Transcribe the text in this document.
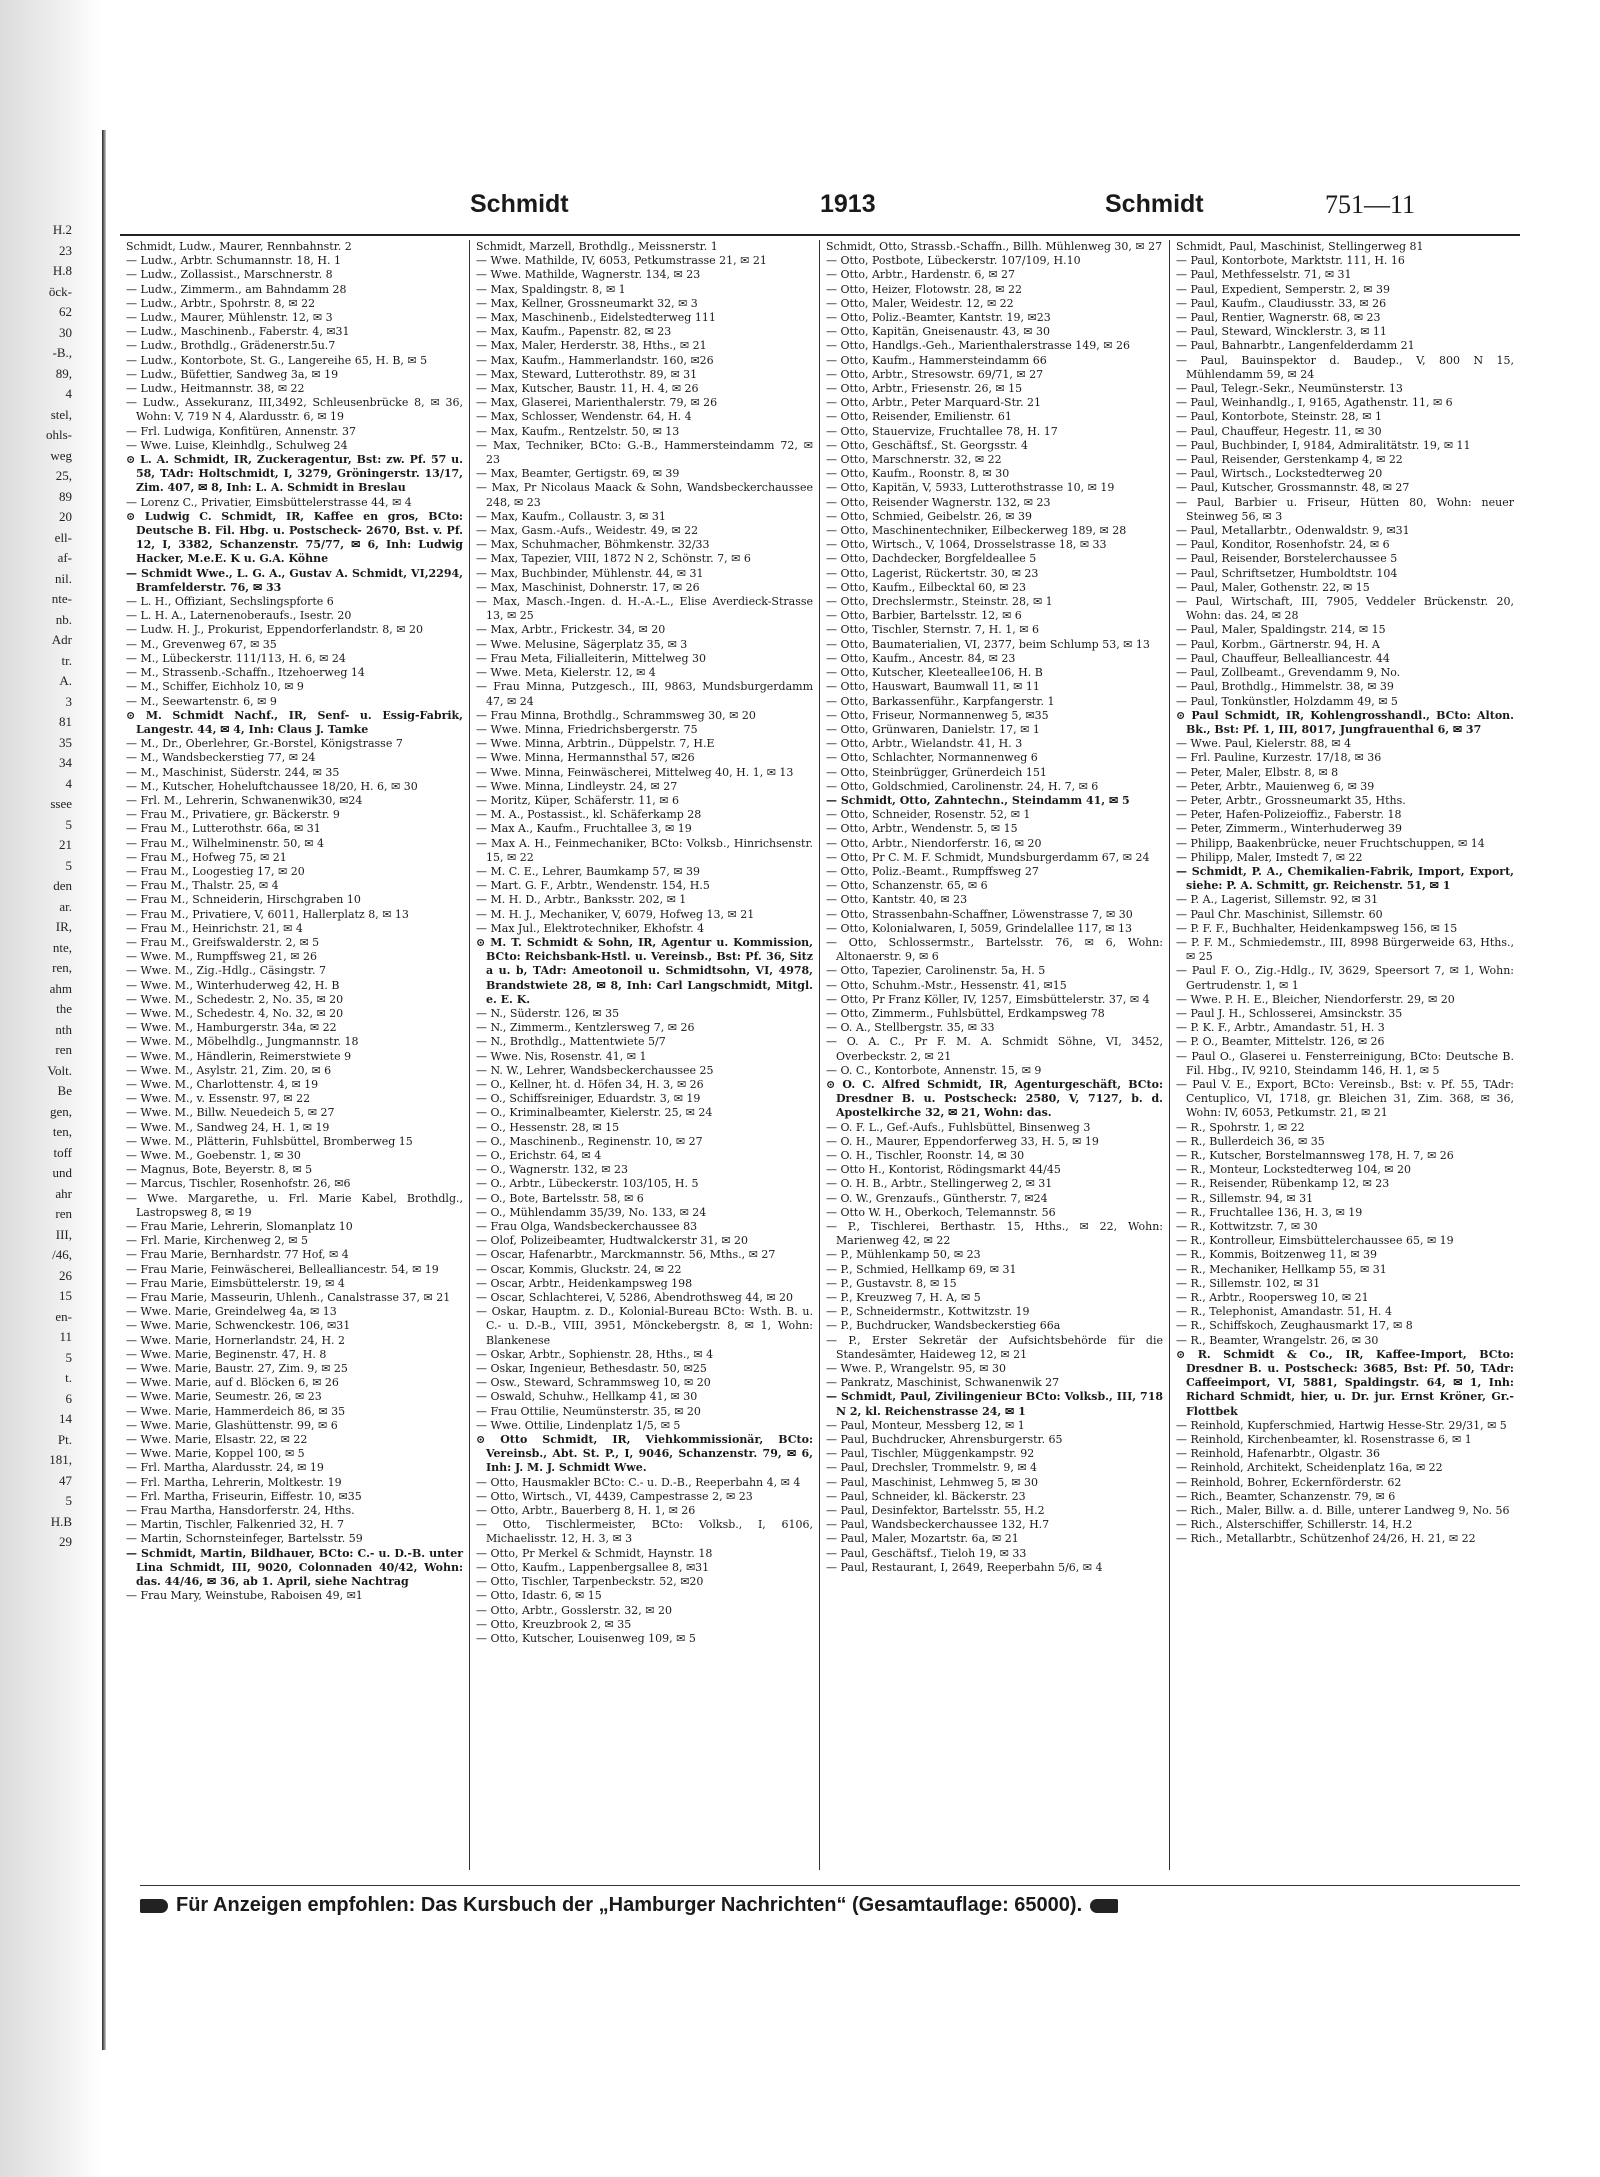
H.2
23
H.8
öck-
62
30
-B.,
89,
4
stel,
ohls-
weg
25,
89
20
ell-
af-
nil.
nte-
nb.
Adr
tr.
A.
3
81
35
34
4
ssee
5
21
5
den
ar.
IR,
nte,
ren,
ahm
the
nth
ren
Volt.
Be
gen,
ten,
toff
und
ahr
ren
III,
/46,
26
15
en-
11
5
t.
6
14
Pt.
181,
47
5
H.B
29
Schmidt	1913	Schmidt	751—11

Schmidt, Ludw., Maurer, Rennbahnstr. 2

— Ludw., Arbtr. Schumannstr. 18, H. 1

— Ludw., Zollassist., Marschnerstr. 8

— Ludw., Zimmerm., am Bahndamm 28

— Ludw., Arbtr., Spohrstr. 8, ✉ 22

— Ludw., Maurer, Mühlenstr. 12, ✉ 3

— Ludw., Maschinenb., Faberstr. 4, ✉31

— Ludw., Brothdlg., Grädenerstr.5u.7

— Ludw., Kontorbote, St. G., Langereihe 65, H. B, ✉ 5

— Ludw., Büfettier, Sandweg 3a, ✉ 19

— Ludw., Heitmannstr. 38, ✉ 22

— Ludw., Assekuranz, III,3492, Schleusenbrücke 8, ✉ 36, Wohn: V, 719 N 4, Alardusstr. 6, ✉ 19

— Frl. Ludwiga, Konfitüren, Annenstr. 37

— Wwe. Luise, Kleinhdlg., Schulweg 24

⊙ L. A. Schmidt, IR, Zuckeragentur, Bst: zw. Pf. 57 u. 58, TAdr: Holtschmidt, I, 3279, Gröningerstr. 13/17, Zim. 407, ✉ 8, Inh: L. A. Schmidt in Breslau

— Lorenz C., Privatier, Eimsbüttelerstrasse 44, ✉ 4

⊙ Ludwig C. Schmidt, IR, Kaffee en gros, BCto: Deutsche B. Fil. Hbg. u. Postscheck- 2670, Bst. v. Pf. 12, I, 3382, Schanzenstr. 75/77, ✉ 6, Inh: Ludwig Hacker, M.e.E. K u. G.A. Köhne

— Schmidt Wwe., L. G. A., Gustav A. Schmidt, VI,2294, Bramfelderstr. 76, ✉ 33

— L. H., Offiziant, Sechslingspforte 6

— L. H. A., Laternenoberaufs., Isestr. 20

— Ludw. H. J., Prokurist, Eppendorferlandstr. 8, ✉ 20

— M., Grevenweg 67, ✉ 35

— M., Lübeckerstr. 111/113, H. 6, ✉ 24

— M., Strassenb.-Schaffn., Itzehoerweg 14

— M., Schiffer, Eichholz 10, ✉ 9

— M., Seewartenstr. 6, ✉ 9

⊙ M. Schmidt Nachf., IR, Senf- u. Essig-Fabrik, Langestr. 44, ✉ 4, Inh: Claus J. Tamke

— M., Dr., Oberlehrer, Gr.-Borstel, Königstrasse 7

— M., Wandsbeckerstieg 77, ✉ 24

— M., Maschinist, Süderstr. 244, ✉ 35

— M., Kutscher, Hoheluftchaussee 18/20, H. 6, ✉ 30

— Frl. M., Lehrerin, Schwanenwik30, ✉24

— Frau M., Privatiere, gr. Bäckerstr. 9

— Frau M., Lutterothstr. 66a, ✉ 31

— Frau M., Wilhelminenstr. 50, ✉ 4

— Frau M., Hofweg 75, ✉ 21

— Frau M., Loogestieg 17, ✉ 20

— Frau M., Thalstr. 25, ✉ 4

— Frau M., Schneiderin, Hirschgraben 10

— Frau M., Privatiere, V, 6011, Hallerplatz 8, ✉ 13

— Frau M., Heinrichstr. 21, ✉ 4

— Frau M., Greifswalderstr. 2, ✉ 5

— Wwe. M., Rumpffsweg 21, ✉ 26

— Wwe. M., Zig.-Hdlg., Cäsingstr. 7

— Wwe. M., Winterhuderweg 42, H. B

— Wwe. M., Schedestr. 2, No. 35, ✉ 20

— Wwe. M., Schedestr. 4, No. 32, ✉ 20

— Wwe. M., Hamburgerstr. 34a, ✉ 22

— Wwe. M., Möbelhdlg., Jungmannstr. 18

— Wwe. M., Händlerin, Reimerstwiete 9

— Wwe. M., Asylstr. 21, Zim. 20, ✉ 6

— Wwe. M., Charlottenstr. 4, ✉ 19

— Wwe. M., v. Essenstr. 97, ✉ 22

— Wwe. M., Billw. Neuedeich 5, ✉ 27

— Wwe. M., Sandweg 24, H. 1, ✉ 19

— Wwe. M., Plätterin, Fuhlsbüttel, Bromberweg 15

— Wwe. M., Goebenstr. 1, ✉ 30

— Magnus, Bote, Beyerstr. 8, ✉ 5

— Marcus, Tischler, Rosenhofstr. 26, ✉6

— Wwe. Margarethe, u. Frl. Marie Kabel, Brothdlg., Lastropsweg 8, ✉ 19

— Frau Marie, Lehrerin, Slomanplatz 10

— Frl. Marie, Kirchenweg 2, ✉ 5

— Frau Marie, Bernhardstr. 77 Hof, ✉ 4

— Frau Marie, Feinwäscherei, Bellealliancestr. 54, ✉ 19

— Frau Marie, Eimsbüttelerstr. 19, ✉ 4

— Frau Marie, Masseurin, Uhlenh., Canalstrasse 37, ✉ 21

— Wwe. Marie, Greindelweg 4a, ✉ 13

— Wwe. Marie, Schwenckestr. 106, ✉31

— Wwe. Marie, Hornerlandstr. 24, H. 2

— Wwe. Marie, Beginenstr. 47, H. 8

— Wwe. Marie, Baustr. 27, Zim. 9, ✉ 25

— Wwe. Marie, auf d. Blöcken 6, ✉ 26

— Wwe. Marie, Seumestr. 26, ✉ 23

— Wwe. Marie, Hammerdeich 86, ✉ 35

— Wwe. Marie, Glashüttenstr. 99, ✉ 6

— Wwe. Marie, Elsastr. 22, ✉ 22

— Wwe. Marie, Koppel 100, ✉ 5

— Frl. Martha, Alardusstr. 24, ✉ 19

— Frl. Martha, Lehrerin, Moltkestr. 19

— Frl. Martha, Friseurin, Eiffestr. 10, ✉35

— Frau Martha, Hansdorferstr. 24, Hths.

— Martin, Tischler, Falkenried 32, H. 7

— Martin, Schornsteinfeger, Bartelsstr. 59

— Schmidt, Martin, Bildhauer, BCto: C.- u. D.-B. unter Lina Schmidt, III, 9020, Colonnaden 40/42, Wohn: das. 44/46, ✉ 36, ab 1. April, siehe Nachtrag

— Frau Mary, Weinstube, Raboisen 49, ✉1

Schmidt, Marzell, Brothdlg., Meissnerstr. 1

— Wwe. Mathilde, IV, 6053, Petkumstrasse 21, ✉ 21

— Wwe. Mathilde, Wagnerstr. 134, ✉ 23

— Max, Spaldingstr. 8, ✉ 1

— Max, Kellner, Grossneumarkt 32, ✉ 3

— Max, Maschinenb., Eidelstedterweg 111

— Max, Kaufm., Papenstr. 82, ✉ 23

— Max, Maler, Herderstr. 38, Hths., ✉ 21

— Max, Kaufm., Hammerlandstr. 160, ✉26

— Max, Steward, Lutterothstr. 89, ✉ 31

— Max, Kutscher, Baustr. 11, H. 4, ✉ 26

— Max, Glaserei, Marienthalerstr. 79, ✉ 26

— Max, Schlosser, Wendenstr. 64, H. 4

— Max, Kaufm., Rentzelstr. 50, ✉ 13

— Max, Techniker, BCto: G.-B., Hammersteindamm 72, ✉ 23

— Max, Beamter, Gertigstr. 69, ✉ 39

— Max, Pr Nicolaus Maack & Sohn, Wandsbeckerchaussee 248, ✉ 23

— Max, Kaufm., Collaustr. 3, ✉ 31

— Max, Gasm.-Aufs., Weidestr. 49, ✉ 22

— Max, Schuhmacher, Böhmkenstr. 32/33

— Max, Tapezier, VIII, 1872 N 2, Schönstr. 7, ✉ 6

— Max, Buchbinder, Mühlenstr. 44, ✉ 31

— Max, Maschinist, Dohnerstr. 17, ✉ 26

— Max, Masch.-Ingen. d. H.-A.-L., Elise Averdieck-Strasse 13, ✉ 25

— Max, Arbtr., Frickestr. 34, ✉ 20

— Wwe. Melusine, Sägerplatz 35, ✉ 3

— Frau Meta, Filialleiterin, Mittelweg 30

— Wwe. Meta, Kielerstr. 12, ✉ 4

— Frau Minna, Putzgesch., III, 9863, Mundsburgerdamm 47, ✉ 24

— Frau Minna, Brothdlg., Schrammsweg 30, ✉ 20

— Wwe. Minna, Friedrichsbergerstr. 75

— Wwe. Minna, Arbtrin., Düppelstr. 7, H.E

— Wwe. Minna, Hermannsthal 57, ✉26

— Wwe. Minna, Feinwäscherei, Mittelweg 40, H. 1, ✉ 13

— Wwe. Minna, Lindleystr. 24, ✉ 27

— Moritz, Küper, Schäferstr. 11, ✉ 6

— M. A., Postassist., kl. Schäferkamp 28

— Max A., Kaufm., Fruchtallee 3, ✉ 19

— Max A. H., Feinmechaniker, BCto: Volksb., Hinrichsenstr. 15, ✉ 22

— M. C. E., Lehrer, Baumkamp 57, ✉ 39

— Mart. G. F., Arbtr., Wendenstr. 154, H.5

— M. H. D., Arbtr., Banksstr. 202, ✉ 1

— M. H. J., Mechaniker, V, 6079, Hofweg 13, ✉ 21

— Max Jul., Elektrotechniker, Ekhofstr. 4

⊙ M. T. Schmidt & Sohn, IR, Agentur u. Kommission, BCto: Reichsbank-Hstl. u. Vereinsb., Bst: Pf. 36, Sitz a u. b, TAdr: Ameotonoil u. Schmidtsohn, VI, 4978, Brandstwiete 28, ✉ 8, Inh: Carl Langschmidt, Mitgl. e. E. K.

— N., Süderstr. 126, ✉ 35

— N., Zimmerm., Kentzlersweg 7, ✉ 26

— N., Brothdlg., Mattentwiete 5/7

— Wwe. Nis, Rosenstr. 41, ✉ 1

— N. W., Lehrer, Wandsbeckerchaussee 25

— O., Kellner, ht. d. Höfen 34, H. 3, ✉ 26

— O., Schiffsreiniger, Eduardstr. 3, ✉ 19

— O., Kriminalbeamter, Kielerstr. 25, ✉ 24

— O., Hessenstr. 28, ✉ 15

— O., Maschinenb., Reginenstr. 10, ✉ 27

— O., Erichstr. 64, ✉ 4

— O., Wagnerstr. 132, ✉ 23

— O., Arbtr., Lübeckerstr. 103/105, H. 5

— O., Bote, Bartelsstr. 58, ✉ 6

— O., Mühlendamm 35/39, No. 133, ✉ 24

— Frau Olga, Wandsbeckerchaussee 83

— Olof, Polizeibeamter, Hudtwalckerstr 31, ✉ 20

— Oscar, Hafenarbtr., Marckmannstr. 56, Mths., ✉ 27

— Oscar, Kommis, Gluckstr. 24, ✉ 22

— Oscar, Arbtr., Heidenkampsweg 198

— Oscar, Schlachterei, V, 5286, Abendrothsweg 44, ✉ 20

— Oskar, Hauptm. z. D., Kolonial-Bureau BCto: Wsth. B. u. C.- u. D.-B., VIII, 3951, Mönckebergstr. 8, ✉ 1, Wohn: Blankenese

— Oskar, Arbtr., Sophienstr. 28, Hths., ✉ 4

— Oskar, Ingenieur, Bethesdastr. 50, ✉25

— Osw., Steward, Schrammsweg 10, ✉ 20

— Oswald, Schuhw., Hellkamp 41, ✉ 30

— Frau Ottilie, Neumünsterstr. 35, ✉ 20

— Wwe. Ottilie, Lindenplatz 1/5, ✉ 5

⊙ Otto Schmidt, IR, Viehkommissionär, BCto: Vereinsb., Abt. St. P., I, 9046, Schanzenstr. 79, ✉ 6, Inh: J. M. J. Schmidt Wwe.

— Otto, Hausmakler BCto: C.- u. D.-B., Reeperbahn 4, ✉ 4

— Otto, Wirtsch., VI, 4439, Campestrasse 2, ✉ 23

— Otto, Arbtr., Bauerberg 8, H. 1, ✉ 26

— Otto, Tischlermeister, BCto: Volksb., I, 6106, Michaelisstr. 12, H. 3, ✉ 3

— Otto, Pr Merkel & Schmidt, Haynstr. 18

— Otto, Kaufm., Lappenbergsallee 8, ✉31

— Otto, Tischler, Tarpenbeckstr. 52, ✉20

— Otto, Idastr. 6, ✉ 15

— Otto, Arbtr., Gosslerstr. 32, ✉ 20

— Otto, Kreuzbrook 2, ✉ 35

— Otto, Kutscher, Louisenweg 109, ✉ 5

Schmidt, Otto, Strassb.-Schaffn., Billh. Mühlenweg 30, ✉ 27

— Otto, Postbote, Lübeckerstr. 107/109, H.10

— Otto, Arbtr., Hardenstr. 6, ✉ 27

— Otto, Heizer, Flotowstr. 28, ✉ 22

— Otto, Maler, Weidestr. 12, ✉ 22

— Otto, Poliz.-Beamter, Kantstr. 19, ✉23

— Otto, Kapitän, Gneisenaustr. 43, ✉ 30

— Otto, Handlgs.-Geh., Marienthalerstrasse 149, ✉ 26

— Otto, Kaufm., Hammersteindamm 66

— Otto, Arbtr., Stresowstr. 69/71, ✉ 27

— Otto, Arbtr., Friesenstr. 26, ✉ 15

— Otto, Arbtr., Peter Marquard-Str. 21

— Otto, Reisender, Emilienstr. 61

— Otto, Stauervize, Fruchtallee 78, H. 17

— Otto, Geschäftsf., St. Georgsstr. 4

— Otto, Marschnerstr. 32, ✉ 22

— Otto, Kaufm., Roonstr. 8, ✉ 30

— Otto, Kapitän, V, 5933, Lutterothstrasse 10, ✉ 19

— Otto, Reisender Wagnerstr. 132, ✉ 23

— Otto, Schmied, Geibelstr. 26, ✉ 39

— Otto, Maschinentechniker, Eilbeckerweg 189, ✉ 28

— Otto, Wirtsch., V, 1064, Drosselstrasse 18, ✉ 33

— Otto, Dachdecker, Borgfeldeallee 5

— Otto, Lagerist, Rückertstr. 30, ✉ 23

— Otto, Kaufm., Eilbecktal 60, ✉ 23

— Otto, Drechslermstr., Steinstr. 28, ✉ 1

— Otto, Barbier, Bartelsstr. 12, ✉ 6

— Otto, Tischler, Sternstr. 7, H. 1, ✉ 6

— Otto, Baumaterialien, VI, 2377, beim Schlump 53, ✉ 13

— Otto, Kaufm., Ancestr. 84, ✉ 23

— Otto, Kutscher, Kleeteallee106, H. B

— Otto, Hauswart, Baumwall 11, ✉ 11

— Otto, Barkassenführ., Karpfangerstr. 1

— Otto, Friseur, Normannenweg 5, ✉35

— Otto, Grünwaren, Danielstr. 17, ✉ 1

— Otto, Arbtr., Wielandstr. 41, H. 3

— Otto, Schlachter, Normannenweg 6

— Otto, Steinbrügger, Grünerdeich 151

— Otto, Goldschmied, Carolinenstr. 24, H. 7, ✉ 6

— Schmidt, Otto, Zahntechn., Steindamm 41, ✉ 5

— Otto, Schneider, Rosenstr. 52, ✉ 1

— Otto, Arbtr., Wendenstr. 5, ✉ 15

— Otto, Arbtr., Niendorferstr. 16, ✉ 20

— Otto, Pr C. M. F. Schmidt, Mundsburgerdamm 67, ✉ 24

— Otto, Poliz.-Beamt., Rumpffsweg 27

— Otto, Schanzenstr. 65, ✉ 6

— Otto, Kantstr. 40, ✉ 23

— Otto, Strassenbahn-Schaffner, Löwenstrasse 7, ✉ 30

— Otto, Kolonialwaren, I, 5059, Grindelallee 117, ✉ 13

— Otto, Schlossermstr., Bartelsstr. 76, ✉ 6, Wohn: Altonaerstr. 9, ✉ 6

— Otto, Tapezier, Carolinenstr. 5a, H. 5

— Otto, Schuhm.-Mstr., Hessenstr. 41, ✉15

— Otto, Pr Franz Köller, IV, 1257, Eimsbüttelerstr. 37, ✉ 4

— Otto, Zimmerm., Fuhlsbüttel, Erdkampsweg 78

— O. A., Stellbergstr. 35, ✉ 33

— O. A. C., Pr F. M. A. Schmidt Söhne, VI, 3452, Overbeckstr. 2, ✉ 21

— O. C., Kontorbote, Annenstr. 15, ✉ 9

⊙ O. C. Alfred Schmidt, IR, Agenturgeschäft, BCto: Dresdner B. u. Postscheck: 2580, V, 7127, b. d. Apostelkirche 32, ✉ 21, Wohn: das.

— O. F. L., Gef.-Aufs., Fuhlsbüttel, Binsenweg 3

— O. H., Maurer, Eppendorferweg 33, H. 5, ✉ 19

— O. H., Tischler, Roonstr. 14, ✉ 30

— Otto H., Kontorist, Rödingsmarkt 44/45

— O. H. B., Arbtr., Stellingerweg 2, ✉ 31

— O. W., Grenzaufs., Güntherstr. 7, ✉24

— Otto W. H., Oberkoch, Telemannstr. 56

— P., Tischlerei, Berthastr. 15, Hths., ✉ 22, Wohn: Marienweg 42, ✉ 22

— P., Mühlenkamp 50, ✉ 23

— P., Schmied, Hellkamp 69, ✉ 31

— P., Gustavstr. 8, ✉ 15

— P., Kreuzweg 7, H. A, ✉ 5

— P., Schneidermstr., Kottwitzstr. 19

— P., Buchdrucker, Wandsbeckerstieg 66a

— P., Erster Sekretär der Aufsichtsbehörde für die Standesämter, Haideweg 12, ✉ 21

— Wwe. P., Wrangelstr. 95, ✉ 30

— Pankratz, Maschinist, Schwanenwik 27

— Schmidt, Paul, Zivilingenieur BCto: Volksb., III, 718 N 2, kl. Reichenstrasse 24, ✉ 1

— Paul, Monteur, Messberg 12, ✉ 1

— Paul, Buchdrucker, Ahrensburgerstr. 65

— Paul, Tischler, Müggenkampstr. 92

— Paul, Drechsler, Trommelstr. 9, ✉ 4

— Paul, Maschinist, Lehmweg 5, ✉ 30

— Paul, Schneider, kl. Bäckerstr. 23

— Paul, Desinfektor, Bartelsstr. 55, H.2

— Paul, Wandsbeckerchaussee 132, H.7

— Paul, Maler, Mozartstr. 6a, ✉ 21

— Paul, Geschäftsf., Tieloh 19, ✉ 33

— Paul, Restaurant, I, 2649, Reeperbahn 5/6, ✉ 4

Schmidt, Paul, Maschinist, Stellingerweg 81

— Paul, Kontorbote, Marktstr. 111, H. 16

— Paul, Methfesselstr. 71, ✉ 31

— Paul, Expedient, Semperstr. 2, ✉ 39

— Paul, Kaufm., Claudiusstr. 33, ✉ 26

— Paul, Rentier, Wagnerstr. 68, ✉ 23

— Paul, Steward, Wincklerstr. 3, ✉ 11

— Paul, Bahnarbtr., Langenfelderdamm 21

— Paul, Bauinspektor d. Baudep., V, 800 N 15, Mühlendamm 59, ✉ 24

— Paul, Telegr.-Sekr., Neumünsterstr. 13

— Paul, Weinhandlg., I, 9165, Agathenstr. 11, ✉ 6

— Paul, Kontorbote, Steinstr. 28, ✉ 1

— Paul, Chauffeur, Hegestr. 11, ✉ 30

— Paul, Buchbinder, I, 9184, Admiralitätstr. 19, ✉ 11

— Paul, Reisender, Gerstenkamp 4, ✉ 22

— Paul, Wirtsch., Lockstedterweg 20

— Paul, Kutscher, Grossmannstr. 48, ✉ 27

— Paul, Barbier u. Friseur, Hütten 80, Wohn: neuer Steinweg 56, ✉ 3

— Paul, Metallarbtr., Odenwaldstr. 9, ✉31

— Paul, Konditor, Rosenhofstr. 24, ✉ 6

— Paul, Reisender, Borstelerchaussee 5

— Paul, Schriftsetzer, Humboldtstr. 104

— Paul, Maler, Gothenstr. 22, ✉ 15

— Paul, Wirtschaft, III, 7905, Veddeler Brückenstr. 20, Wohn: das. 24, ✉ 28

— Paul, Maler, Spaldingstr. 214, ✉ 15

— Paul, Korbm., Gärtnerstr. 94, H. A

— Paul, Chauffeur, Bellealliancestr. 44

— Paul, Zollbeamt., Grevendamm 9, No.

— Paul, Brothdlg., Himmelstr. 38, ✉ 39

— Paul, Tonkünstler, Holzdamm 49, ✉ 5

⊙ Paul Schmidt, IR, Kohlengrosshandl., BCto: Alton. Bk., Bst: Pf. 1, III, 8017, Jungfrauenthal 6, ✉ 37

— Wwe. Paul, Kielerstr. 88, ✉ 4

— Frl. Pauline, Kurzestr. 17/18, ✉ 36

— Peter, Maler, Elbstr. 8, ✉ 8

— Peter, Arbtr., Mauienweg 6, ✉ 39

— Peter, Arbtr., Grossneumarkt 35, Hths.

— Peter, Hafen-Polizeioffiz., Faberstr. 18

— Peter, Zimmerm., Winterhuderweg 39

— Philipp, Baakenbrücke, neuer Fruchtschuppen, ✉ 14

— Philipp, Maler, Imstedt 7, ✉ 22

— Schmidt, P. A., Chemikalien-Fabrik, Import, Export, siehe: P. A. Schmitt, gr. Reichenstr. 51, ✉ 1

— P. A., Lagerist, Sillemstr. 92, ✉ 31

— Paul Chr. Maschinist, Sillemstr. 60

— P. F. F., Buchhalter, Heidenkampsweg 156, ✉ 15

— P. F. M., Schmiedemstr., III, 8998 Bürgerweide 63, Hths., ✉ 25

— Paul F. O., Zig.-Hdlg., IV, 3629, Speersort 7, ✉ 1, Wohn: Gertrudenstr. 1, ✉ 1

— Wwe. P. H. E., Bleicher, Niendorferstr. 29, ✉ 20

— Paul J. H., Schlosserei, Amsinckstr. 35

— P. K. F., Arbtr., Amandastr. 51, H. 3

— P. O., Beamter, Mittelstr. 126, ✉ 26

— Paul O., Glaserei u. Fensterreinigung, BCto: Deutsche B. Fil. Hbg., IV, 9210, Steindamm 146, H. 1, ✉ 5

— Paul V. E., Export, BCto: Vereinsb., Bst: v. Pf. 55, TAdr: Centuplico, VI, 1718, gr. Bleichen 31, Zim. 368, ✉ 36, Wohn: IV, 6053, Petkumstr. 21, ✉ 21

— R., Spohrstr. 1, ✉ 22

— R., Bullerdeich 36, ✉ 35

— R., Kutscher, Borstelmannsweg 178, H. 7, ✉ 26

— R., Monteur, Lockstedterweg 104, ✉ 20

— R., Reisender, Rübenkamp 12, ✉ 23

— R., Sillemstr. 94, ✉ 31

— R., Fruchtallee 136, H. 3, ✉ 19

— R., Kottwitzstr. 7, ✉ 30

— R., Kontrolleur, Eimsbüttelerchaussee 65, ✉ 19

— R., Kommis, Boitzenweg 11, ✉ 39

— R., Mechaniker, Hellkamp 55, ✉ 31

— R., Sillemstr. 102, ✉ 31

— R., Arbtr., Roopersweg 10, ✉ 21

— R., Telephonist, Amandastr. 51, H. 4

— R., Schiffskoch, Zeughausmarkt 17, ✉ 8

— R., Beamter, Wrangelstr. 26, ✉ 30

⊙ R. Schmidt & Co., IR, Kaffee-Import, BCto: Dresdner B. u. Postscheck: 3685, Bst: Pf. 50, TAdr: Caffeeimport, VI, 5881, Spaldingstr. 64, ✉ 1, Inh: Richard Schmidt, hier, u. Dr. jur. Ernst Kröner, Gr.-Flottbek

— Reinhold, Kupferschmied, Hartwig Hesse-Str. 29/31, ✉ 5

— Reinhold, Kirchenbeamter, kl. Rosenstrasse 6, ✉ 1

— Reinhold, Hafenarbtr., Olgastr. 36

— Reinhold, Architekt, Scheidenplatz 16a, ✉ 22

— Reinhold, Bohrer, Eckernförderstr. 62

— Rich., Beamter, Schanzenstr. 79, ✉ 6

— Rich., Maler, Billw. a. d. Bille, unterer Landweg 9, No. 56

— Rich., Alsterschiffer, Schillerstr. 14, H.2

— Rich., Metallarbtr., Schützenhof 24/26, H. 21, ✉ 22

Für Anzeigen empfohlen: Das Kursbuch der „Hamburger Nachrichten“ (Gesamtauflage: 65000).
